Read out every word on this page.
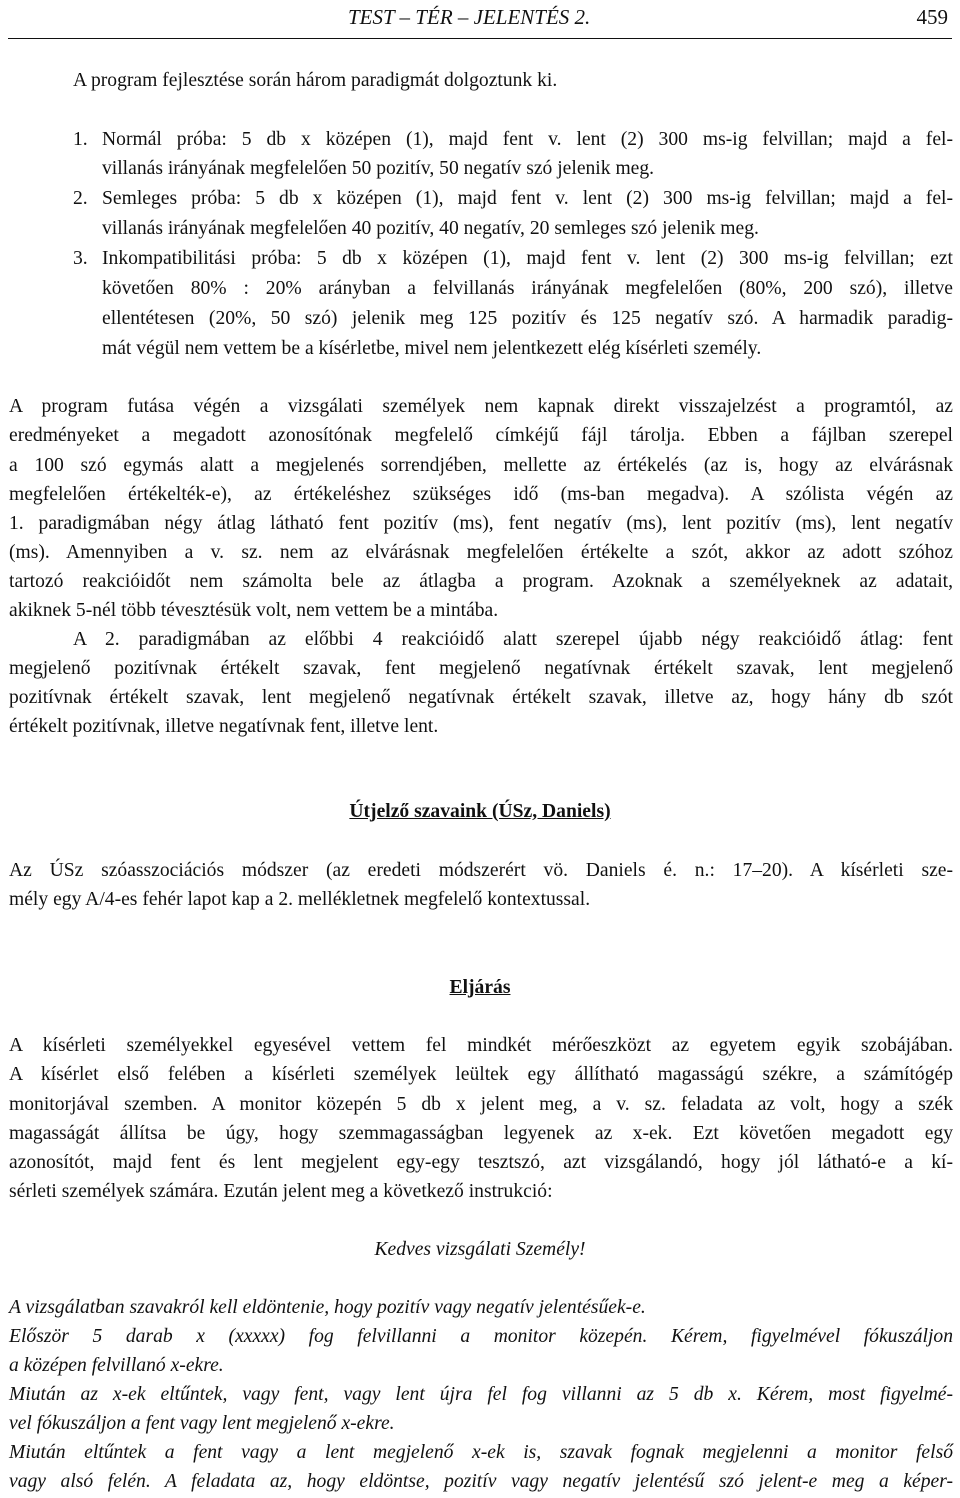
TEST – TÉR – JELENTÉS 2.	459
A program fejlesztése során három paradigmát dolgoztunk ki.
1. Normál próba: 5 db x középen (1), majd fent v. lent (2) 300 ms-ig felvillan; majd a fel-
villanás irányának megfelelően 50 pozitív, 50 negatív szó jelenik meg.
2. Semleges próba: 5 db x középen (1), majd fent v. lent (2) 300 ms-ig felvillan; majd a fel-
villanás irányának megfelelően 40 pozitív, 40 negatív, 20 semleges szó jelenik meg.
3. Inkompatibilitási próba: 5 db x középen (1), majd fent v. lent (2) 300 ms-ig felvillan; ezt
követően 80% : 20% arányban a felvillanás irányának megfelelően (80%, 200 szó), illetve
ellentétesen (20%, 50 szó) jelenik meg 125 pozitív és 125 negatív szó. A harmadik paradig-
mát végül nem vettem be a kísérletbe, mivel nem jelentkezett elég kísérleti személy.
A program futása végén a vizsgálati személyek nem kapnak direkt visszajelzést a programtól, az
eredményeket a megadott azonosítónak megfelelő címkéjű fájl tárolja. Ebben a fájlban szerepel
a 100 szó egymás alatt a megjelenés sorrendjében, mellette az értékelés (az is, hogy az elvárásnak
megfelelően értékelték-e), az értékeléshez szükséges idő (ms-ban megadva). A szólista végén az
1. paradigmában négy átlag látható fent pozitív (ms), fent negatív (ms), lent pozitív (ms), lent negatív
(ms). Amennyiben a v. sz. nem az elvárásnak megfelelően értékelte a szót, akkor az adott szóhoz
tartozó reakcióidőt nem számolta bele az átlagba a program. Azoknak a személyeknek az adatait,
akiknek 5-nél több tévesztésük volt, nem vettem be a mintába.
A 2. paradigmában az előbbi 4 reakcióidő alatt szerepel újabb négy reakcióidő átlag: fent
megjelenő pozitívnak értékelt szavak, fent megjelenő negatívnak értékelt szavak, lent megjelenő
pozitívnak értékelt szavak, lent megjelenő negatívnak értékelt szavak, illetve az, hogy hány db szót
értékelt pozitívnak, illetve negatívnak fent, illetve lent.
Útjelző szavaink (ÚSz, Daniels)
Az ÚSz szóasszociációs módszer (az eredeti módszerért vö. Daniels é. n.: 17–20). A kísérleti sze-
mély egy A/4-es fehér lapot kap a 2. mellékletnek megfelelő kontextussal.
Eljárás
A kísérleti személyekkel egyesével vettem fel mindkét mérőeszközt az egyetem egyik szobájában.
A kísérlet első felében a kísérleti személyek leültek egy állítható magasságú székre, a számítógép
monitorjával szemben. A monitor közepén 5 db x jelent meg, a v. sz. feladata az volt, hogy a szék
magasságát állítsa be úgy, hogy szemmagasságban legyenek az x-ek. Ezt követően megadott egy
azonosítót, majd fent és lent megjelent egy-egy tesztszó, azt vizsgálandó, hogy jól látható-e a kí-
sérleti személyek számára. Ezután jelent meg a következő instrukció:
Kedves vizsgálati Személy!
A vizsgálatban szavakról kell eldöntenie, hogy pozitív vagy negatív jelentésűek-e.
Először 5 darab x (xxxxx) fog felvillanni a monitor közepén. Kérem, figyelmével fókuszáljon
a középen felvillanó x-ekre.
Miután az x-ek eltűntek, vagy fent, vagy lent újra fel fog villanni az 5 db x. Kérem, most figyelmé-
vel fókuszáljon a fent vagy lent megjelenő x-ekre.
Miután eltűntek a fent vagy a lent megjelenő x-ek is, szavak fognak megjelenni a monitor felső
vagy alsó felén. A feladata az, hogy eldöntse, pozitív vagy negatív jelentésű szó jelent-e meg a képer-
